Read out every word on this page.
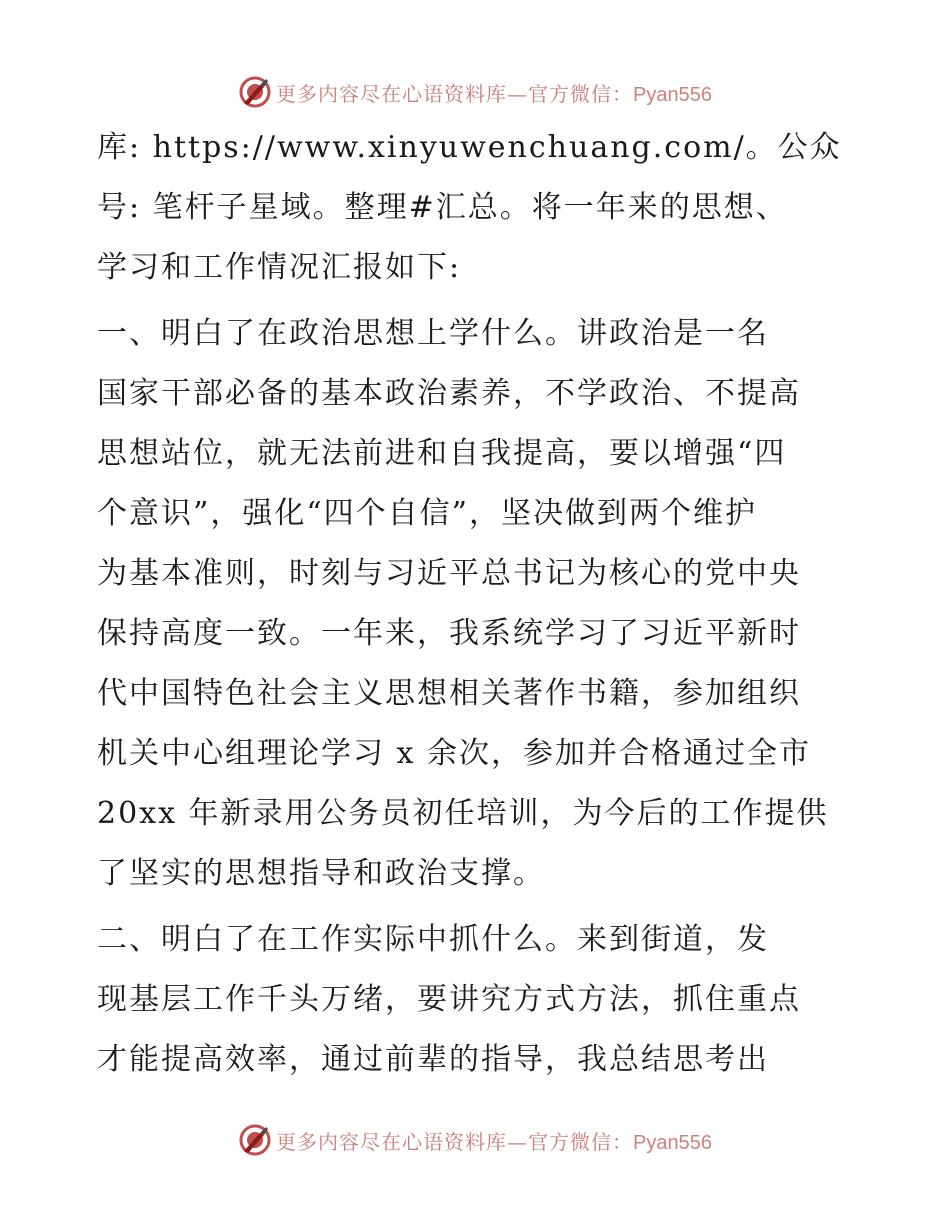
更多内容尽在心语资料库—官方微信：Pyan556
库: https://www.xinyuwenchuang.com/。公众
号: 笔杆子星域。整理#汇总。将一年来的思想、
学习和工作情况汇报如下:
一、明白了在政治思想上学什么。讲政治是一名
国家干部必备的基本政治素养，不学政治、不提高
思想站位，就无法前进和自我提高，要以增强“四
个意识”，强化“四个自信”，坚决做到两个维护
为基本准则，时刻与习近平总书记为核心的党中央
保持高度一致。一年来，我系统学习了习近平新时
代中国特色社会主义思想相关著作书籍，参加组织
机关中心组理论学习 x 余次，参加并合格通过全市
20xx 年新录用公务员初任培训，为今后的工作提供
了坚实的思想指导和政治支撑。
二、明白了在工作实际中抓什么。来到街道，发
现基层工作千头万绪，要讲究方式方法，抓住重点
才能提高效率，通过前辈的指导，我总结思考出
更多内容尽在心语资料库—官方微信：Pyan556
